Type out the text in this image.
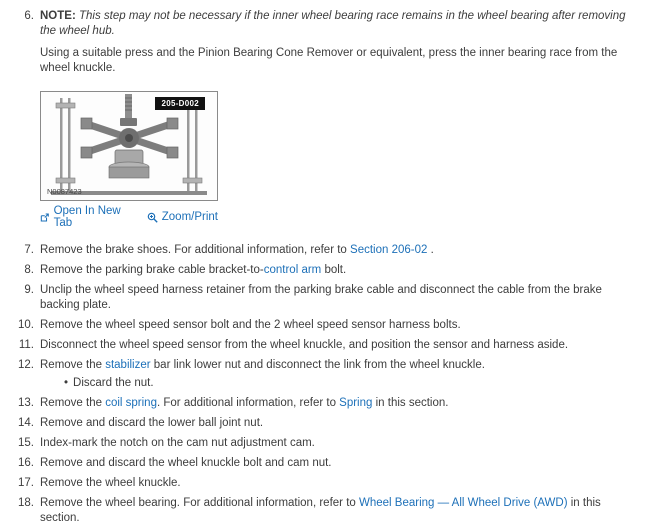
6. NOTE: This step may not be necessary if the inner wheel bearing race remains in the wheel bearing after removing the wheel hub.

Using a suitable press and the Pinion Bearing Cone Remover or equivalent, press the inner bearing race from the wheel knuckle.

205-D002
N0087423
Open In New Tab	Zoom/Print
7. Remove the brake shoes. For additional information, refer to Section 206-02 .
8. Remove the parking brake cable bracket-to-control arm bolt.
9. Unclip the wheel speed harness retainer from the parking brake cable and disconnect the cable from the brake backing plate.
10. Remove the wheel speed sensor bolt and the 2 wheel speed sensor harness bolts.
11. Disconnect the wheel speed sensor from the wheel knuckle, and position the sensor and harness aside.
12. Remove the stabilizer bar link lower nut and disconnect the link from the wheel knuckle.
• Discard the nut.
13. Remove the coil spring. For additional information, refer to Spring in this section.
14. Remove and discard the lower ball joint nut.
15. Index-mark the notch on the cam nut adjustment cam.
16. Remove and discard the wheel knuckle bolt and cam nut.
17. Remove the wheel knuckle.
18. Remove the wheel bearing. For additional information, refer to Wheel Bearing — All Wheel Drive (AWD) in this section.
